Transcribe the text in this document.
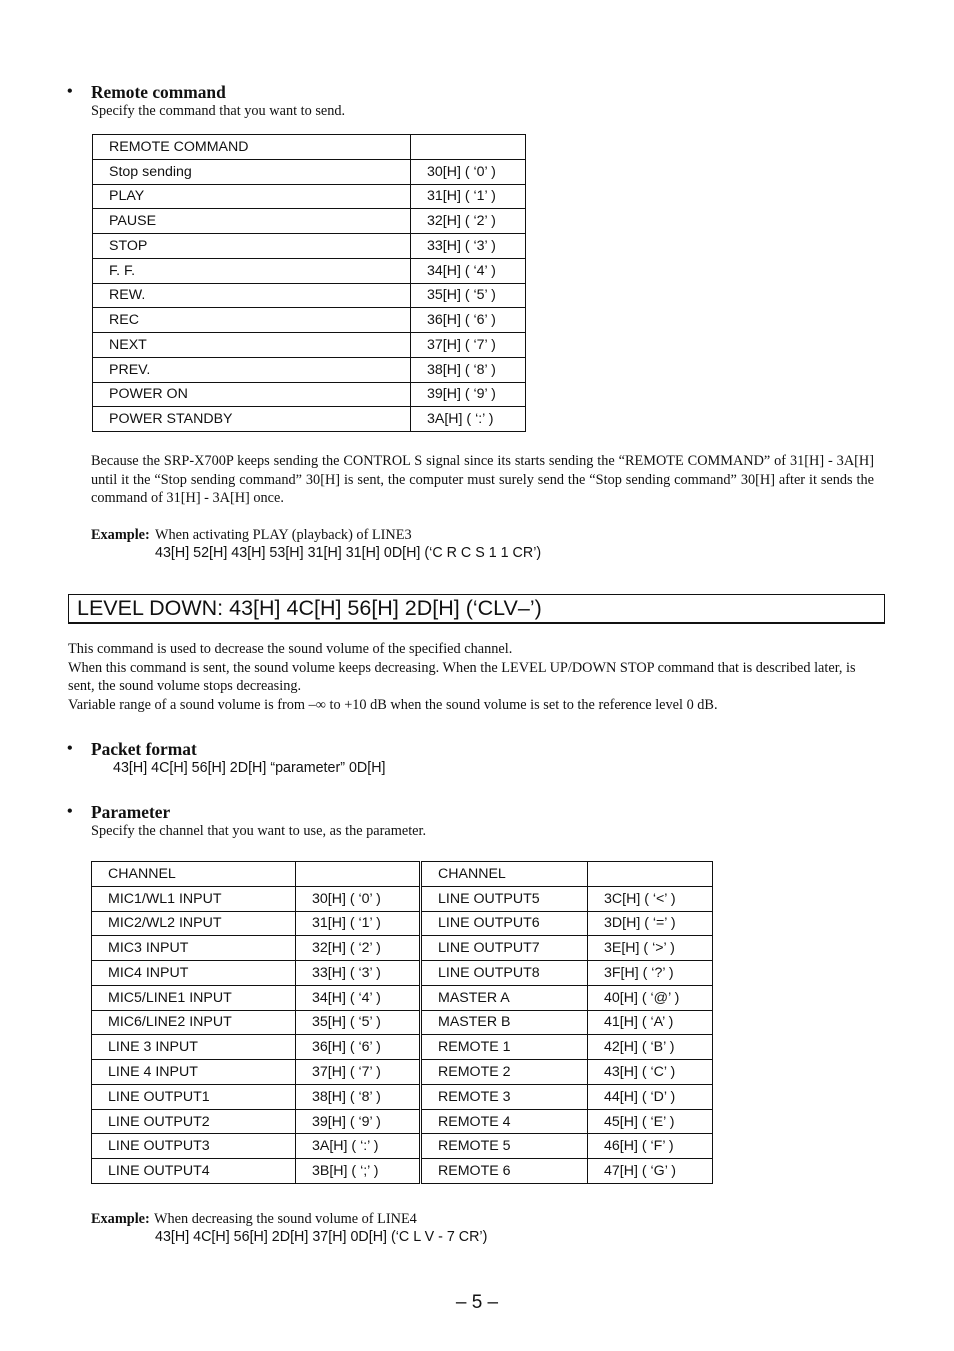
• Remote command
Specify the command that you want to send.
REMOTE COMMAND
Stop sending	30[H] ( ‘0’ )
PLAY	31[H] ( ‘1’ )
PAUSE	32[H] ( ‘2’ )
STOP	33[H] ( ‘3’ )
F. F.	34[H] ( ‘4’ )
REW.	35[H] ( ‘5’ )
REC	36[H] ( ‘6’ )
NEXT	37[H] ( ‘7’ )
PREV.	38[H] ( ‘8’ )
POWER ON	39[H] ( ‘9’ )
POWER STANDBY	3A[H] ( ‘:’ )
Because the SRP-X700P keeps sending the CONTROL S signal since its starts sending the “REMOTE COMMAND” of 31[H] - 3A[H]
until it the “Stop sending command” 30[H] is sent, the computer must surely send the “Stop sending command” 30[H] after it sends the
command of 31[H] - 3A[H] once.
Example: When activating PLAY (playback) of LINE3
43[H] 52[H] 43[H] 53[H] 31[H] 31[H] 0D[H] (‘C R C S 1 1 CR’)
LEVEL DOWN: 43[H] 4C[H] 56[H] 2D[H] (‘CLV–’)
This command is used to decrease the sound volume of the specified channel.
When this command is sent, the sound volume keeps decreasing. When the LEVEL UP/DOWN STOP command that is described later, is
sent, the sound volume stops decreasing.
Variable range of a sound volume is from –∞ to +10 dB when the sound volume is set to the reference level 0 dB.
• Packet format
43[H] 4C[H] 56[H] 2D[H] “parameter” 0D[H]
• Parameter
Specify the channel that you want to use, as the parameter.
CHANNEL
MIC1/WL1 INPUT	30[H] ( ‘0’ )
MIC2/WL2 INPUT	31[H] ( ‘1’ )
MIC3 INPUT	32[H] ( ‘2’ )
MIC4 INPUT	33[H] ( ‘3’ )
MIC5/LINE1 INPUT	34[H] ( ‘4’ )
MIC6/LINE2 INPUT	35[H] ( ‘5’ )
LINE 3 INPUT	36[H] ( ‘6’ )
LINE 4 INPUT	37[H] ( ‘7’ )
LINE OUTPUT1	38[H] ( ‘8’ )
LINE OUTPUT2	39[H] ( ‘9’ )
LINE OUTPUT3	3A[H] ( ‘:’ )
LINE OUTPUT4	3B[H] ( ‘;’ )
CHANNEL
LINE OUTPUT5	3C[H] ( ‘<’ )
LINE OUTPUT6	3D[H] ( ‘=’ )
LINE OUTPUT7	3E[H] ( ‘>’ )
LINE OUTPUT8	3F[H] ( ‘?’ )
MASTER A	40[H] ( ‘@’ )
MASTER B	41[H] ( ‘A’ )
REMOTE 1	42[H] ( ‘B’ )
REMOTE 2	43[H] ( ‘C’ )
REMOTE 3	44[H] ( ‘D’ )
REMOTE 4	45[H] ( ‘E’ )
REMOTE 5	46[H] ( ‘F’ )
REMOTE 6	47[H] ( ‘G’ )
Example: When decreasing the sound volume of LINE4
43[H] 4C[H] 56[H] 2D[H] 37[H] 0D[H] (‘C L V - 7 CR’)
– 5 –
